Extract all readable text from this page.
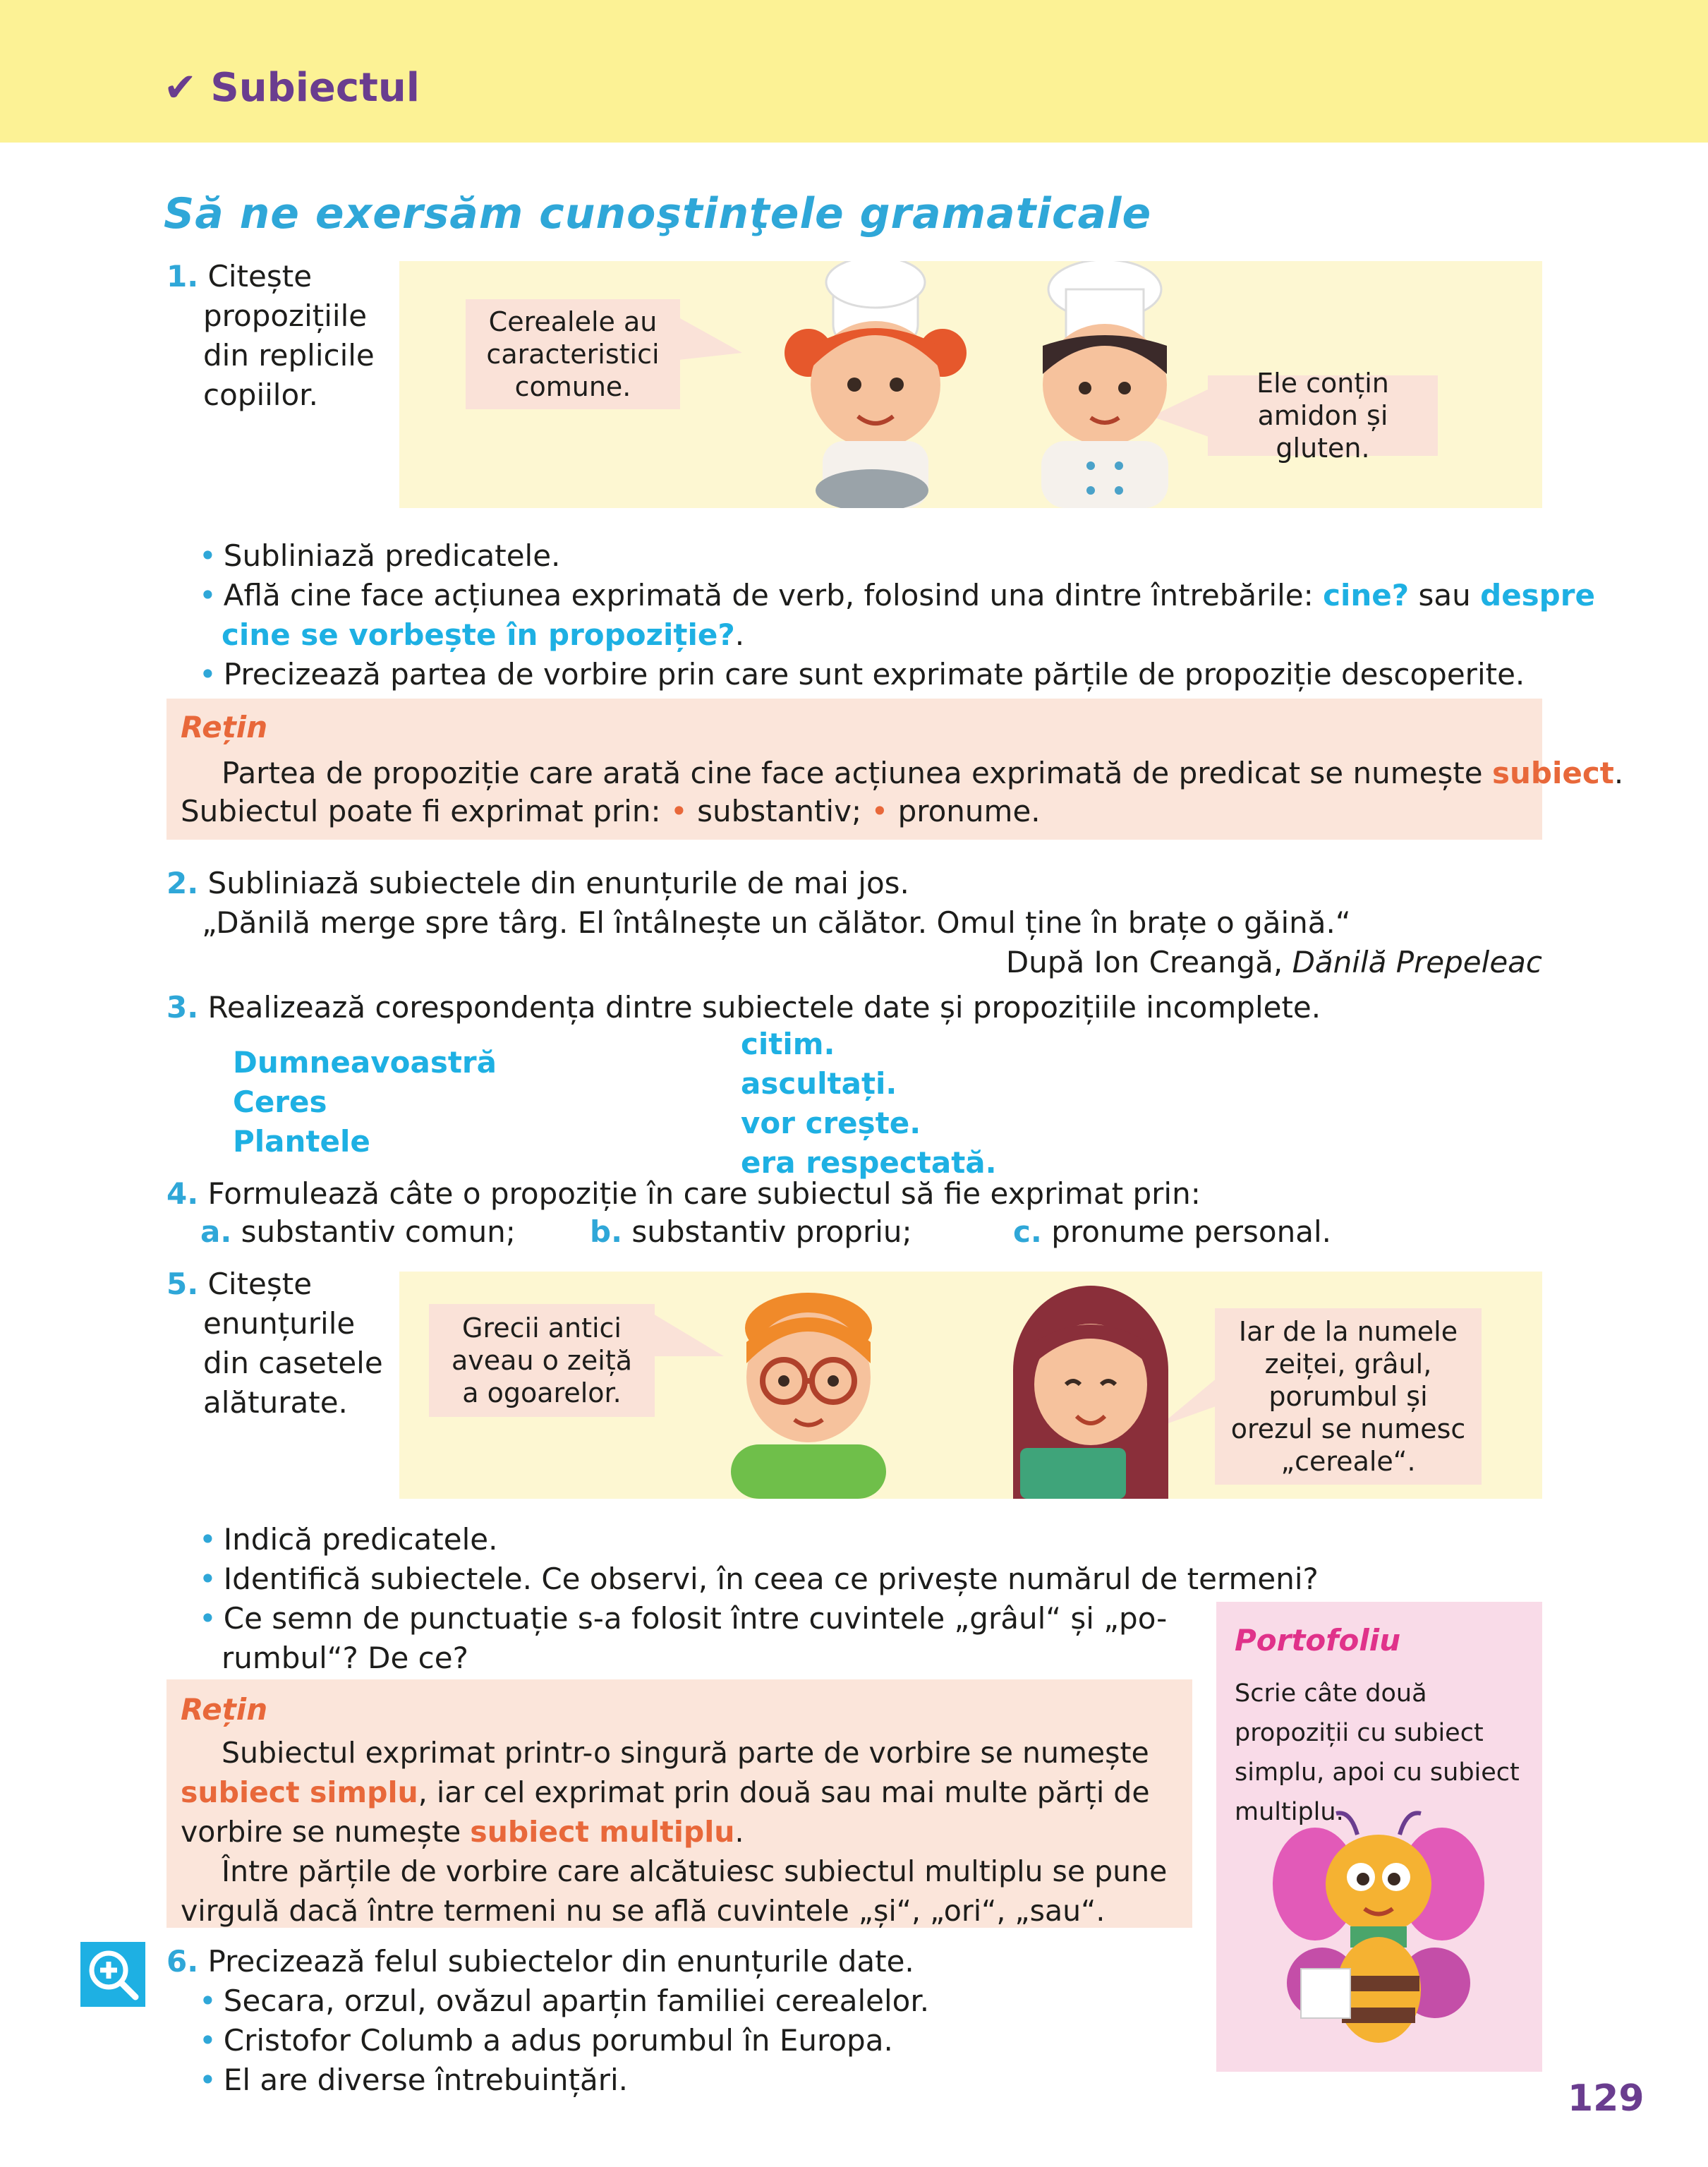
✔ Subiectul
Să ne exersăm cunoştinţele gramaticale
1. Citește
propozițiile
din replicile
copiilor.
Cerealele au
caracteristici
comune.	Ele conțin
amidon și gluten.
• Subliniază predicatele.
• Află cine face acțiunea exprimată de verb, folosind una dintre întrebările: cine? sau despre
cine se vorbește în propoziție?.
• Precizează partea de vorbire prin care sunt exprimate părțile de propoziție descoperite.
Rețin
Partea de propoziție care arată cine face acțiunea exprimată de predicat se numește subiect.
Subiectul poate fi exprimat prin: • substantiv; • pronume.
2. Subliniază subiectele din enunțurile de mai jos.
„Dănilă merge spre târg. El întâlnește un călător. Omul ține în brațe o găină.“
După Ion Creangă, Dănilă Prepeleac
3. Realizează corespondența dintre subiectele date și propozițiile incomplete.
Dumneavoastră
Ceres
Plantele
citim.
ascultați.
vor crește.
era respectată.
4. Formulează câte o propoziție în care subiectul să fie exprimat prin:
a. substantiv comun;	b. substantiv propriu;	c. pronume personal.
5. Citește
enunțurile
din casetele
alăturate.
Grecii antici
aveau o zeiță
a ogoarelor.
Iar de la numele
zeiței, grâul,
porumbul și
orezul se numesc
„cereale“.
• Indică predicatele.
• Identifică subiectele. Ce observi, în ceea ce privește numărul de termeni?
• Ce semn de punctuație s-a folosit între cuvintele „grâul“ și „po-
rumbul“? De ce?
Rețin
Subiectul exprimat printr-o singură parte de vorbire se numește
subiect simplu, iar cel exprimat prin două sau mai multe părți de
vorbire se numește subiect multiplu.
Între părțile de vorbire care alcătuiesc subiectul multiplu se pune
virgulă dacă între termeni nu se află cuvintele „și“, „ori“, „sau“.
Portofoliu
Scrie câte două
propoziții cu subiect
simplu, apoi cu subiect
multiplu.
6. Precizează felul subiectelor din enunțurile date.
• Secara, orzul, ovăzul aparțin familiei cerealelor.
• Cristofor Columb a adus porumbul în Europa.
• El are diverse întrebuințări.	129
